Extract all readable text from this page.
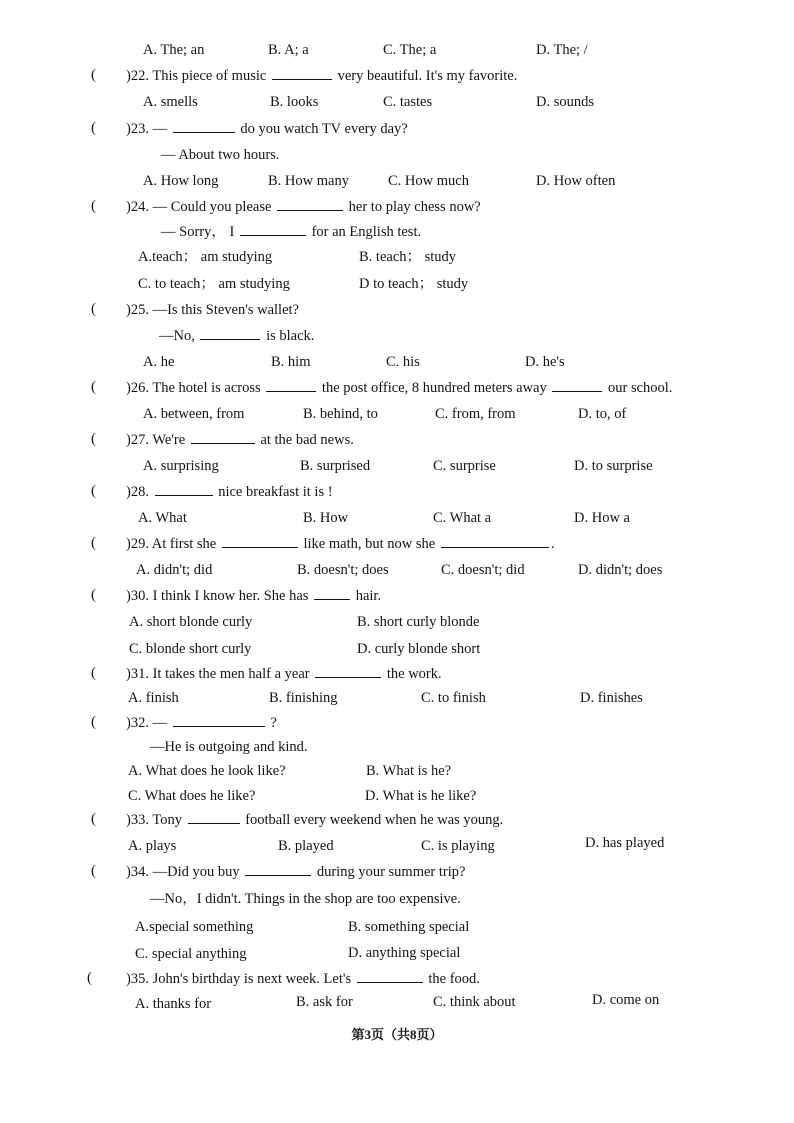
A. The; an	B. A; a	C. The; a	D. The; /
( )22. This piece of music	very beautiful. It's my favorite.
A. smells	B. looks	C. tastes	D. sounds
( )23. —	do you watch TV every day?
— About two hours.
A. How long	B. How many	C. How much	D. How often
( )24. — Could you please	her to play chess now?
— Sorry， I	for an English test.
A.teach； am studying	B. teach； study
C. to teach； am studying	D to teach； study
( )25. —Is this Steven's wallet?
—No,	is black.
A. he	B. him	C. his	D. he's
( )26. The hotel is across	the post office, 8 hundred meters away	our school.
A. between, from	B. behind, to	C. from, from	D. to, of
( )27. We're	at the bad news.
A. surprising	B. surprised	C. surprise	D. to surprise
( )28.	nice breakfast it is !
A. What	B. How	C. What a	D. How a
( )29. At first she	like math, but now she	.
A. didn't; did	B. doesn't; does	C. doesn't; did	D. didn't; does
( )30. I think I know her. She has	hair.
A. short blonde curly	B. short curly blonde
C. blonde short curly	D. curly blonde short
( )31. It takes the men half a year	the work.
A. finish	B. finishing	C. to finish	D. finishes
( )32. —	?
—He is outgoing and kind.
A. What does he look like?	B. What is he?
C. What does he like?	D. What is he like?
( )33. Tony	football every weekend when he was young.
A. plays	B. played	C. is playing	D. has played
( )34. —Did you buy	during your summer trip?
—No，I didn't. Things in the shop are too expensive.
A.special something	B. something special
C. special anything	D. anything special
( )35. John's birthday is next week. Let's	the food.
A. thanks for	B. ask for	C. think about	D. come on
第3页（共8页）
